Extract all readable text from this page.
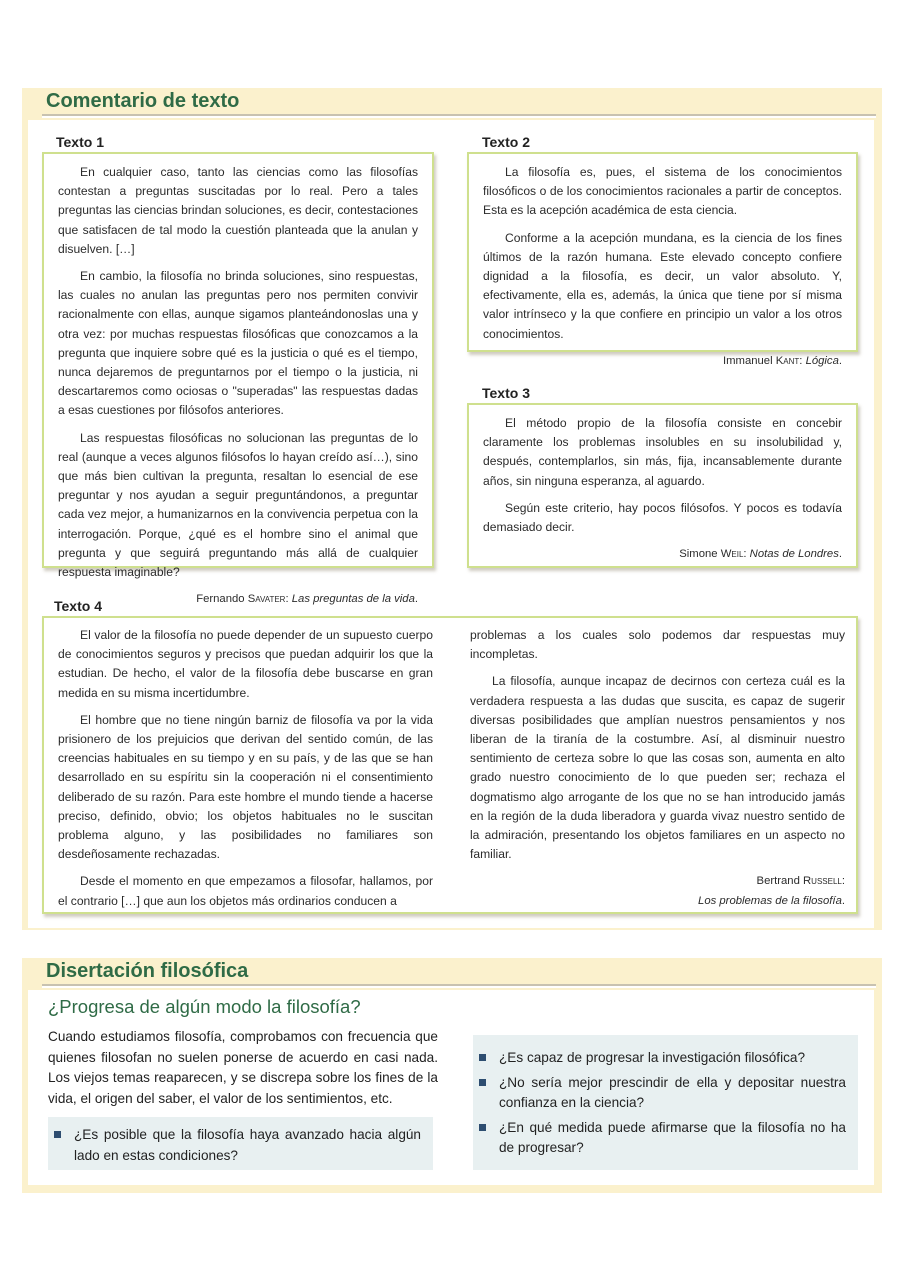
Comentario de texto
Texto 1

En cualquier caso, tanto las ciencias como las filosofías contestan a preguntas suscitadas por lo real. Pero a tales preguntas las ciencias brindan soluciones, es decir, contestaciones que satisfacen de tal modo la cuestión planteada que la anulan y disuelven. […]

En cambio, la filosofía no brinda soluciones, sino respuestas, las cuales no anulan las preguntas pero nos permiten convivir racionalmente con ellas, aunque sigamos planteándonoslas una y otra vez: por muchas respuestas filosóficas que conozcamos a la pregunta que inquiere sobre qué es la justicia o qué es el tiempo, nunca dejaremos de preguntarnos por el tiempo o la justicia, ni descartaremos como ociosas o "superadas" las respuestas dadas a esas cuestiones por filósofos anteriores.

Las respuestas filosóficas no solucionan las preguntas de lo real (aunque a veces algunos filósofos lo hayan creído así…), sino que más bien cultivan la pregunta, resaltan lo esencial de ese preguntar y nos ayudan a seguir preguntándonos, a preguntar cada vez mejor, a humanizarnos en la convivencia perpetua con la interrogación. Porque, ¿qué es el hombre sino el animal que pregunta y que seguirá preguntando más allá de cualquier respuesta imaginable?

Fernando Savater: Las preguntas de la vida.
Texto 2

La filosofía es, pues, el sistema de los conocimientos filosóficos o de los conocimientos racionales a partir de conceptos. Esta es la acepción académica de esta ciencia.

Conforme a la acepción mundana, es la ciencia de los fines últimos de la razón humana. Este elevado concepto confiere dignidad a la filosofía, es decir, un valor absoluto. Y, efectivamente, ella es, además, la única que tiene por sí misma valor intrínseco y la que confiere en principio un valor a los otros conocimientos.

Immanuel Kant: Lógica.
Texto 3

El método propio de la filosofía consiste en concebir claramente los problemas insolubles en su insolubilidad y, después, contemplarlos, sin más, fija, incansablemente durante años, sin ninguna esperanza, al aguardo.

Según este criterio, hay pocos filósofos. Y pocos es todavía demasiado decir.

Simone Weil: Notas de Londres.
Texto 4

El valor de la filosofía no puede depender de un supuesto cuerpo de conocimientos seguros y precisos que puedan adquirir los que la estudian. De hecho, el valor de la filosofía debe buscarse en gran medida en su misma incertidumbre.

El hombre que no tiene ningún barniz de filosofía va por la vida prisionero de los prejuicios que derivan del sentido común, de las creencias habituales en su tiempo y en su país, y de las que se han desarrollado en su espíritu sin la cooperación ni el consentimiento deliberado de su razón. Para este hombre el mundo tiende a hacerse preciso, definido, obvio; los objetos habituales no le suscitan problema alguno, y las posibilidades no familiares son desdeñosamente rechazadas.

Desde el momento en que empezamos a filosofar, hallamos, por el contrario […] que aun los objetos más ordinarios conducen a

problemas a los cuales solo podemos dar respuestas muy incompletas.

La filosofía, aunque incapaz de decirnos con certeza cuál es la verdadera respuesta a las dudas que suscita, es capaz de sugerir diversas posibilidades que amplían nuestros pensamientos y nos liberan de la tiranía de la costumbre. Así, al disminuir nuestro sentimiento de certeza sobre lo que las cosas son, aumenta en alto grado nuestro conocimiento de lo que pueden ser; rechaza el dogmatismo algo arrogante de los que no se han introducido jamás en la región de la duda liberadora y guarda vivaz nuestro sentido de la admiración, presentando los objetos familiares en un aspecto no familiar.

Bertrand Russell:
Los problemas de la filosofía.
Disertación filosófica
¿Progresa de algún modo la filosofía?
Cuando estudiamos filosofía, comprobamos con frecuencia que quienes filosofan no suelen ponerse de acuerdo en casi nada. Los viejos temas reaparecen, y se discrepa sobre los fines de la vida, el origen del saber, el valor de los sentimientos, etc.
¿Es posible que la filosofía haya avanzado hacia algún lado en estas condiciones?
¿Es capaz de progresar la investigación filosófica?
¿No sería mejor prescindir de ella y depositar nuestra confianza en la ciencia?
¿En qué medida puede afirmarse que la filosofía no ha de progresar?
